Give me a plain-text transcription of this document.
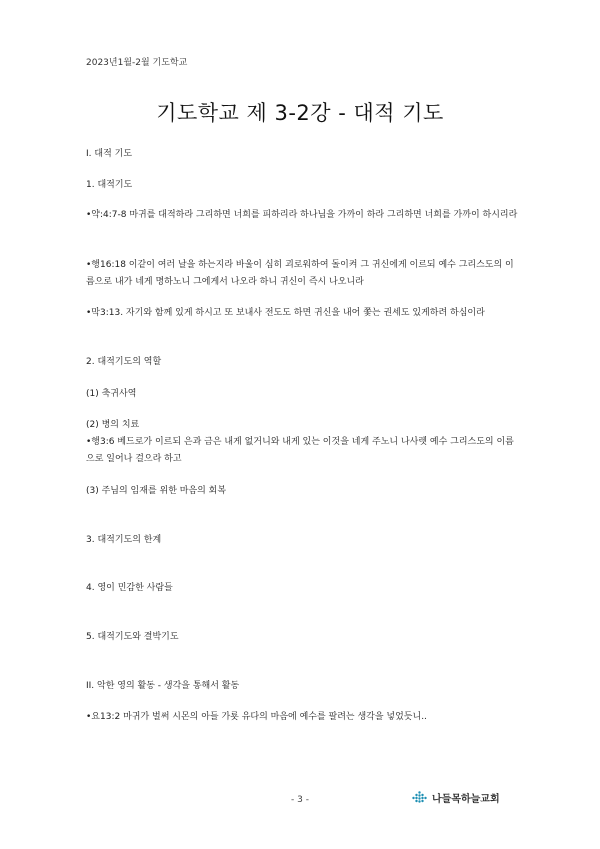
2023년1월-2월 기도학교
기도학교 제 3-2강 - 대적 기도
I. 대적 기도
1. 대적기도
•약:4:7-8 마귀를 대적하라 그리하면 너희를 피하리라 하나님을 가까이 하라 그리하면 너희를 가까이 하시리라
•행16:18 이같이 여러 날을 하는지라 바울이 심히 괴로워하여 돌이켜 그 귀신에게 이르되 예수 그리스도의 이름으로 내가 네게 명하노니 그에게서 나오라 하니 귀신이 즉시 나오니라
•막3:13. 자기와 함께 있게 하시고 또 보내사 전도도 하면 귀신을 내어 쫓는 권세도 있게하려 하심이라
2. 대적기도의 역할
(1) 축귀사역
(2) 병의 치료
•행3:6 베드로가 이르되 은과 금은 내게 없거니와 내게 있는 이것을 네게 주노니 나사렛 예수 그리스도의 이름으로 일어나 걸으라 하고
(3) 주님의 임재를 위한 마음의 회복
3. 대적기도의 한계
4. 영이 민감한 사람들
5. 대적기도와 결박기도
II. 악한 영의 활동 - 생각을 통해서 활동
•요13:2 마귀가 벌써 시몬의 아들 가룟 유다의 마음에 예수를 팔려는 생각을 넣었듯니..
- 3 -	나들목하늘교회
